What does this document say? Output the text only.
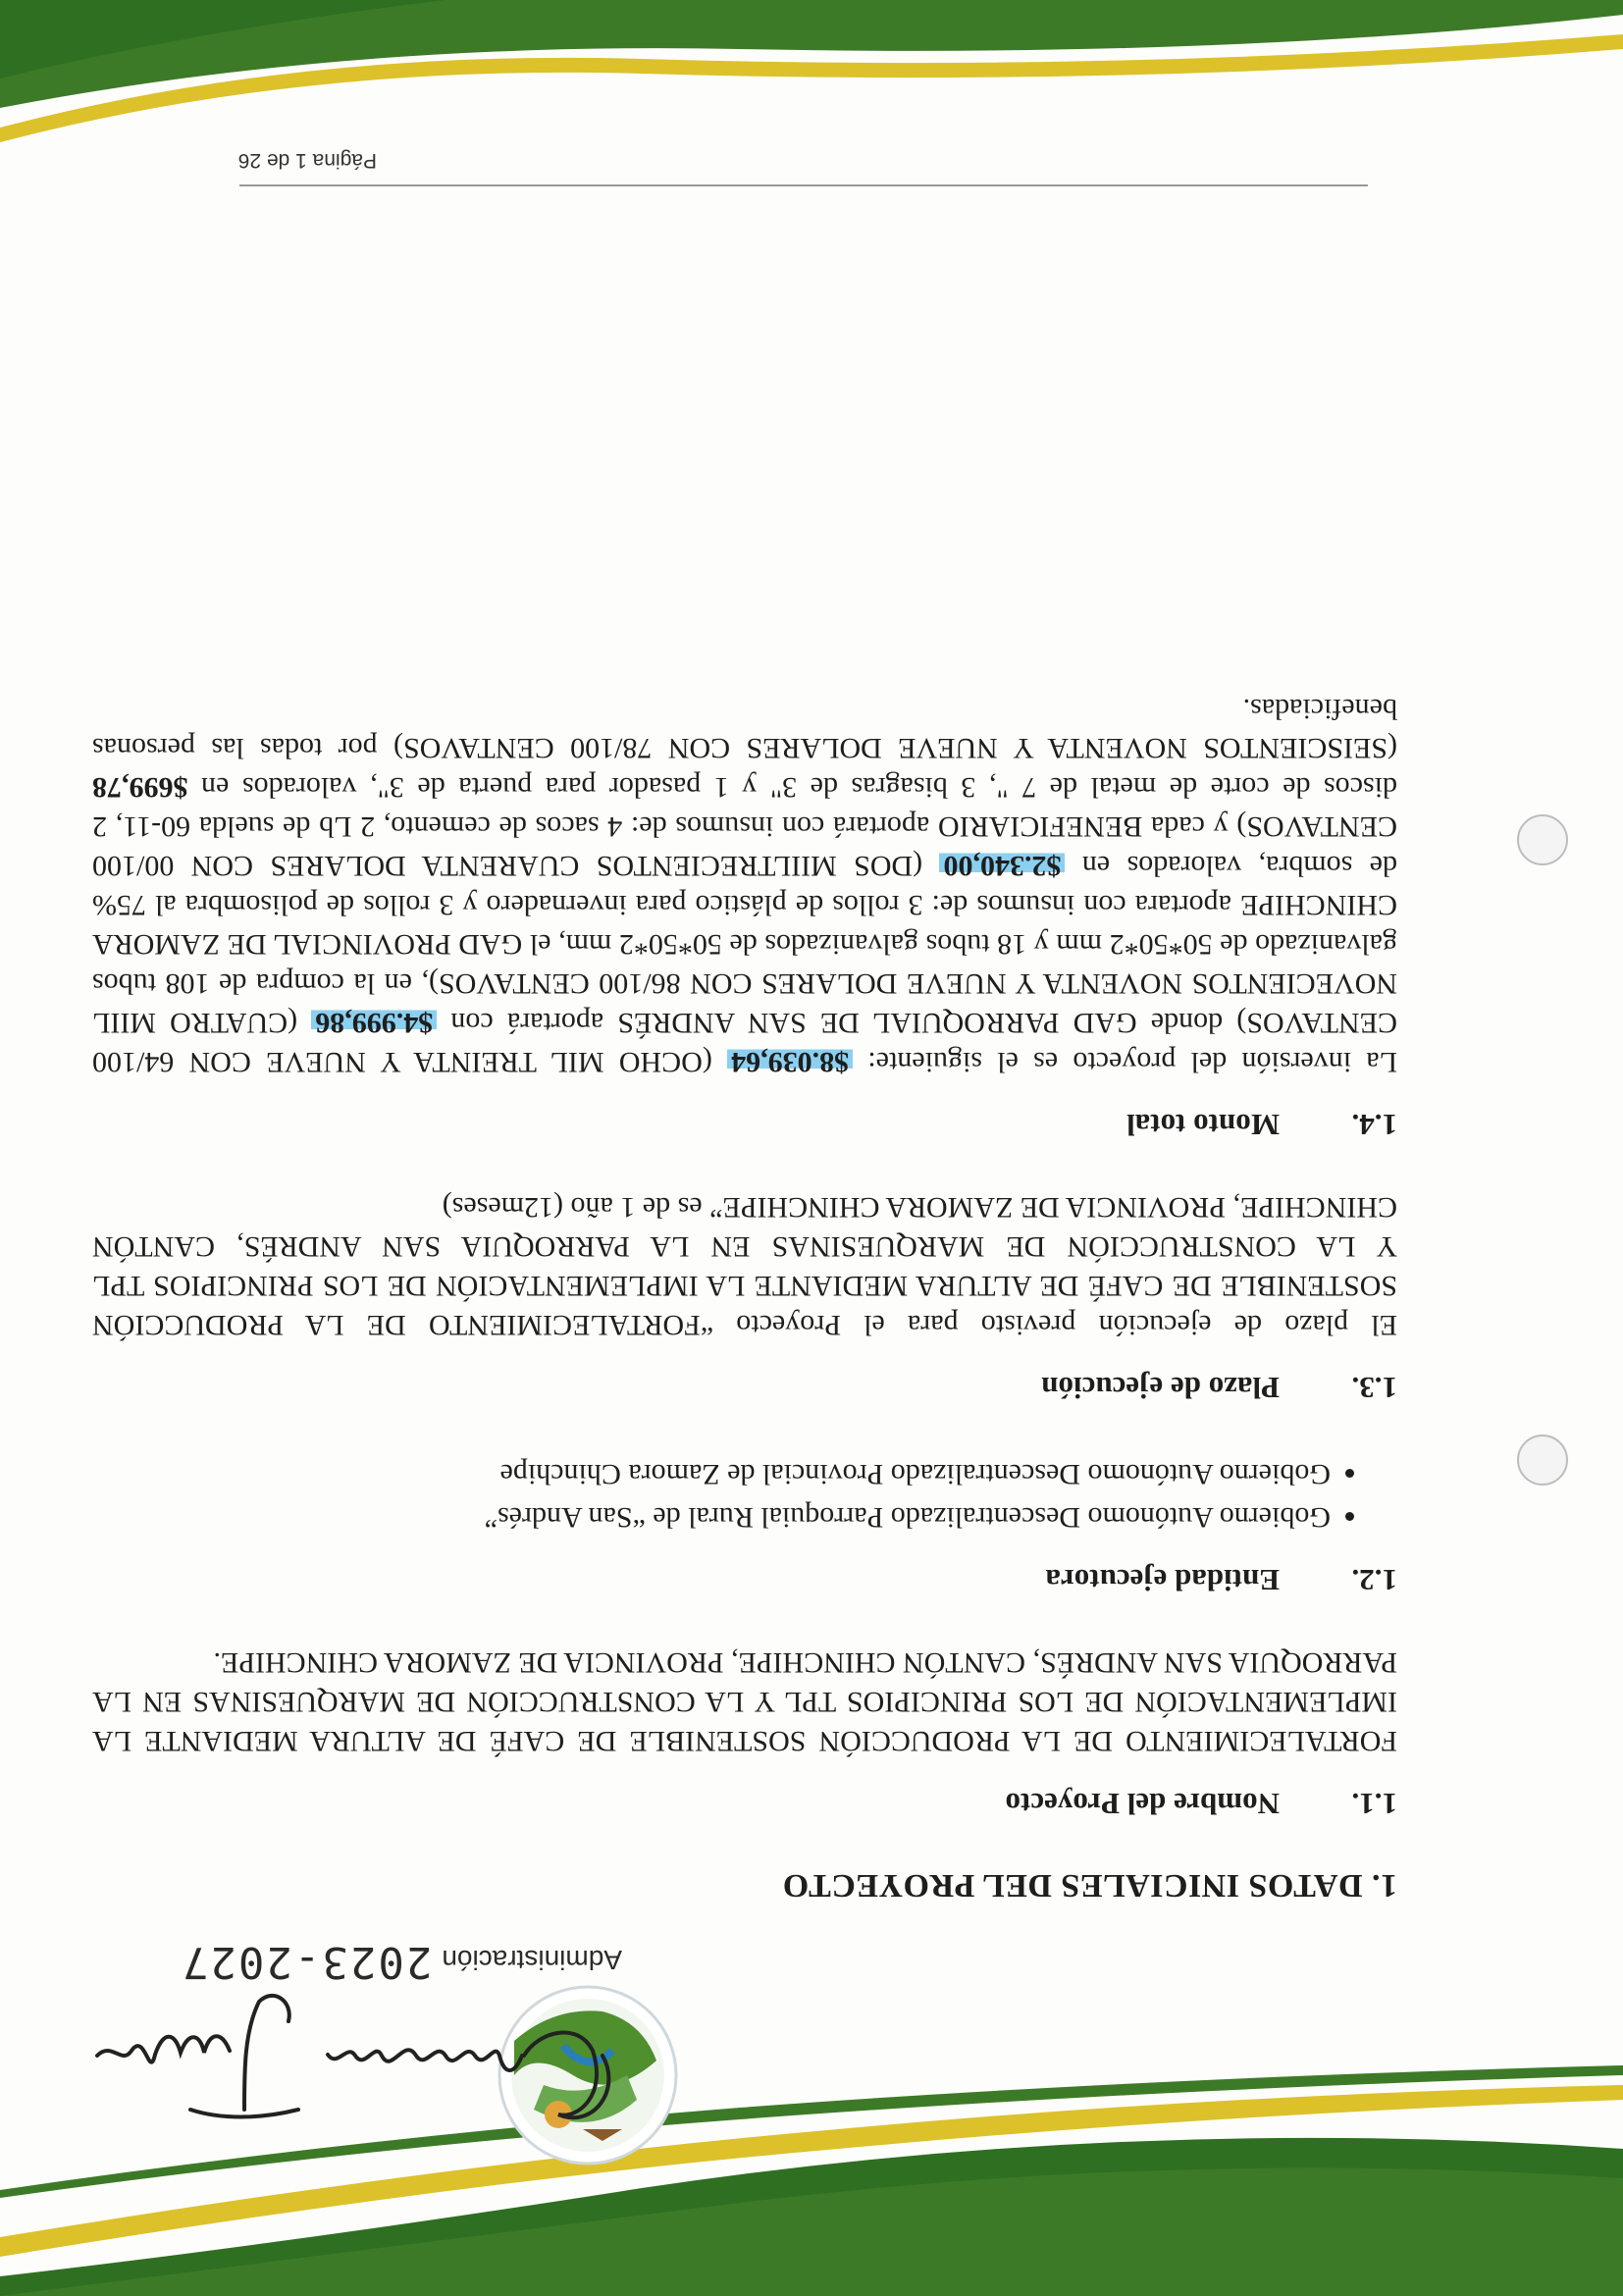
Administración2023-2027
1. DATOS INICIALES DEL PROYECTO
1.1.Nombre del Proyecto

FORTALECIMIENTO DE LA PRODUCCIÓN SOSTENIBLE DE CAFÉ DE ALTURA MEDIANTE LA IMPLEMENTACIÓN DE LOS PRINCIPIOS TPL Y LA CONSTRUCCIÓN DE MARQUESINAS EN LA PARROQUIA SAN ANDRÉS, CANTÓN CHINCHIPE, PROVINCIA DE ZAMORA CHINCHIPE.

1.2.Entidad ejecutora
• Gobierno Autónomo Descentralizado Parroquial Rural de “San Andrés”
• Gobierno Autónomo Descentralizado Provincial de Zamora Chinchipe
1.3.Plazo de ejecución

El plazo de ejecución previsto para el Proyecto “FORTALECIMIENTO DE LA PRODUCCIÓN SOSTENIBLE DE CAFÉ DE ALTURA MEDIANTE LA IMPLEMENTACIÓN DE LOS PRINCIPIOS TPL Y LA CONSTRUCCIÓN DE MARQUESINAS EN LA PARROQUIA SAN ANDRÉS, CANTÓN CHINCHIPE, PROVINCIA DE ZAMORA CHINCHIPE” es de 1 año (12meses)

1.4.Monto total

La inversión del proyecto es el siguiente: $8.039,64 (OCHO MIL TREINTA Y NUEVE CON 64/100 CENTAVOS) donde GAD PARROQUIAL DE SAN ANDRÉS aportará con $4.999,86 (CUATRO MIIL NOVECIENTOS NOVENTA Y NUEVE DOLARES CON 86/100 CENTAVOS), en la compra de 108 tubos galvanizado de 50*50*2 mm y 18 tubos galvanizados de 50*50*2 mm, el GAD PROVINCIAL DE ZAMORA CHINCHIPE aportara con insumos de: 3 rollos de plástico para invernadero y 3 rollos de polisombra al 75% de sombra, valorados en $2.340,00 (DOS MIILTRECIENTOS CUARENTA DOLARES CON 00/100 CENTAVOS) y cada BENEFICIARIO aportará con insumos de: 4 sacos de cemento, 2 Lb de suelda 60-11, 2 discos de corte de metal de 7 ", 3 bisagras de 3" y 1 pasador para puerta de 3", valorados en $699,78 (SEISCIENTOS NOVENTA Y NUEVE DOLARES CON 78/100 CENTAVOS) por todas las personas beneficiadas.

Página 1 de 26
